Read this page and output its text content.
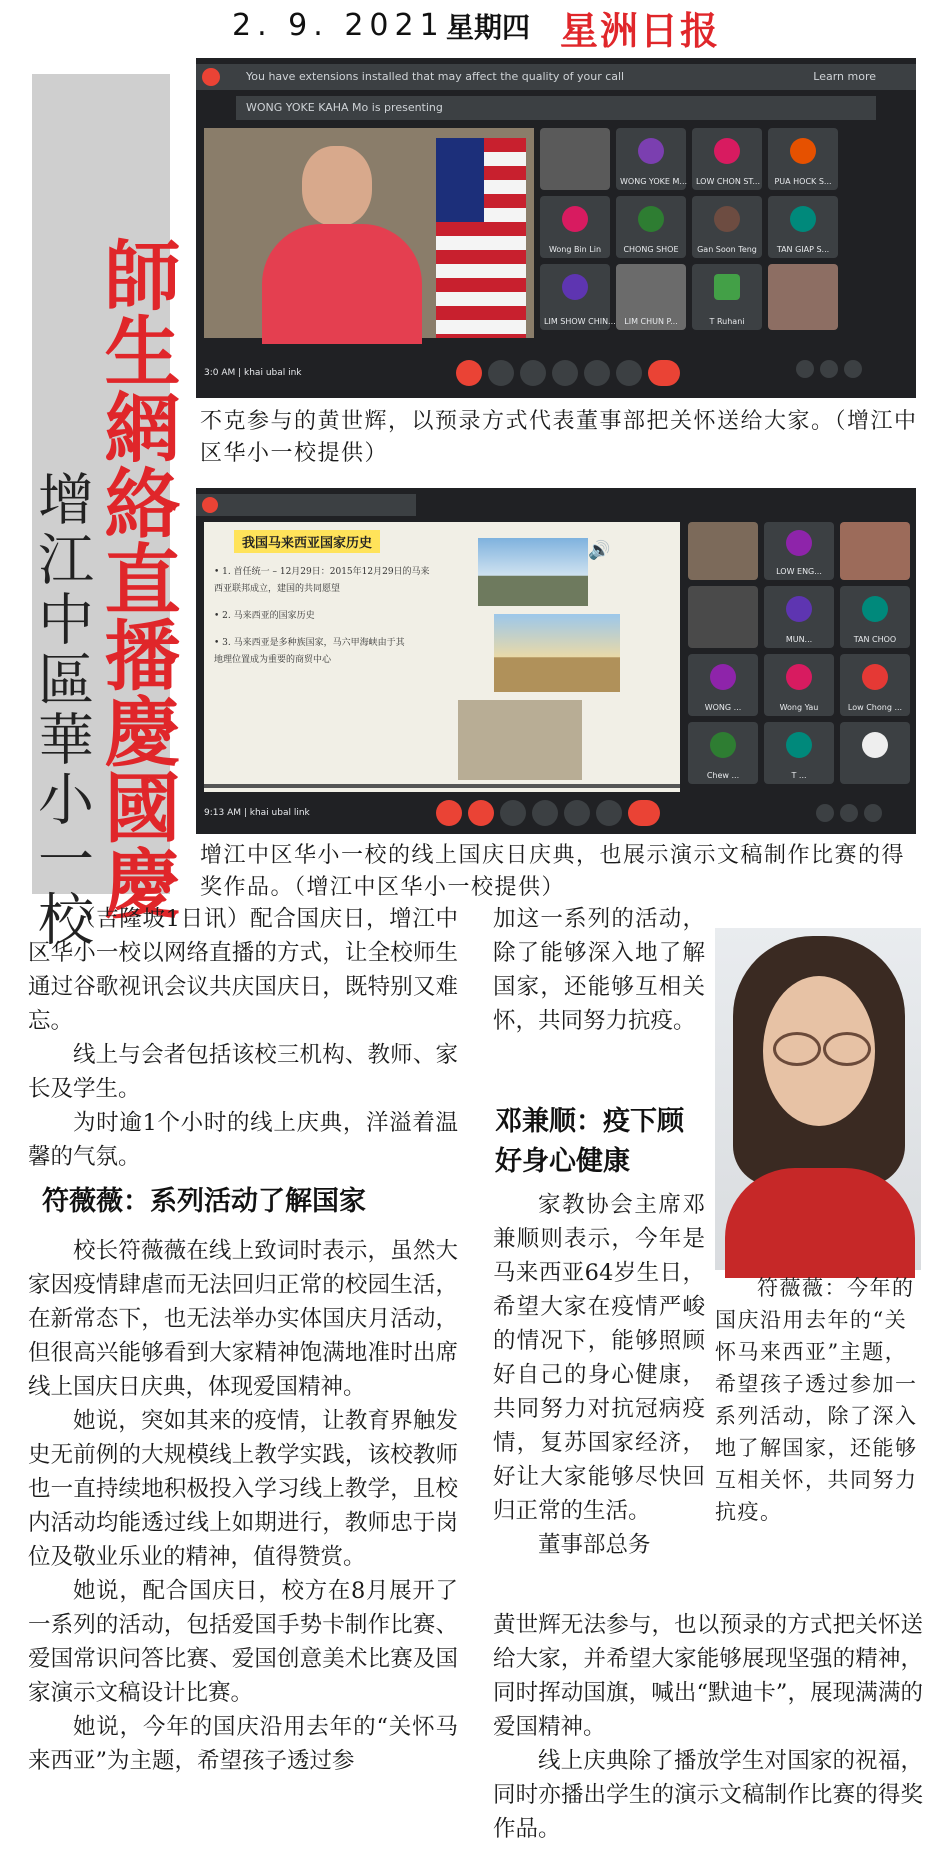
2. 9. 2021 星期四 星洲日报
增江中區華小一校
師生網絡直播慶國慶
You have extensions installed that may affect the quality of your call	Learn more
WONG YOKE KAHA Mo is presenting
WONG YOKE M... LOW CHON ST...	PUA HOCK S...
Wong Bin Lin	CHONG SHOE	Gan Soon Teng	TAN GIAP S...
LIM SHOW CHIN...	LIM CHUN P...	T Ruhani
3:0 AM | khai ubal ink
不克参与的黄世辉，以预录方式代表董事部把关怀送给大家。（增江中区华小一校提供）
我国马来西亚国家历史
• 1. 首任统一 – 12月29日：2015年12月29日的马来
西亚联邦成立，建国的共同愿望
• 2. 马来西亚的国家历史
• 3. 马来西亚是多种族国家，马六甲海峡由于其
地理位置成为重要的商贸中心
🔊
LOW ENG...
MUN...	TAN CHOO
WONG ...	Wong Yau	Low Chong ...
Chew ...	T ...
9:13 AM | khai ubal link
增江中区华小一校的线上国庆日庆典，也展示演示文稿制作比赛的得奖作品。（增江中区华小一校提供）

（吉隆坡1日讯）配合国庆日，增江中区华小一校以网络直播的方式，让全校师生通过谷歌视讯会议共庆国庆日，既特别又难忘。

线上与会者包括该校三机构、教师、家长及学生。

为时逾1个小时的线上庆典，洋溢着温馨的气氛。

符薇薇：系列活动了解国家

校长符薇薇在线上致词时表示，虽然大家因疫情肆虐而无法回归正常的校园生活，在新常态下，也无法举办实体国庆月活动，但很高兴能够看到大家精神饱满地准时出席线上国庆日庆典，体现爱国精神。

她说，突如其来的疫情，让教育界触发史无前例的大规模线上教学实践，该校教师也一直持续地积极投入学习线上教学，且校内活动均能透过线上如期进行，教师忠于岗位及敬业乐业的精神，值得赞赏。

她说，配合国庆日，校方在8月展开了一系列的活动，包括爱国手势卡制作比赛、爱国常识问答比赛、爱国创意美术比赛及国家演示文稿设计比赛。

她说，今年的国庆沿用去年的“关怀马来西亚”为主题，希望孩子透过参

加这一系列的活动，除了能够深入地了解国家，还能够互相关怀，共同努力抗疫。

邓兼顺：疫下顾好身心健康

家教协会主席邓兼顺则表示，今年是马来西亚64岁生日，希望大家在疫情严峻的情况下，能够照顾好自己的身心健康，共同努力对抗冠病疫情，复苏国家经济，好让大家能够尽快回归正常的生活。

董事部总务

符薇薇：今年的国庆沿用去年的“关怀马来西亚”主题，希望孩子透过参加一系列活动，除了深入地了解国家，还能够互相关怀，共同努力抗疫。

黄世辉无法参与，也以预录的方式把关怀送给大家，并希望大家能够展现坚强的精神，同时挥动国旗，喊出“默迪卡”，展现满满的爱国精神。

线上庆典除了播放学生对国家的祝福，同时亦播出学生的演示文稿制作比赛的得奖作品。
